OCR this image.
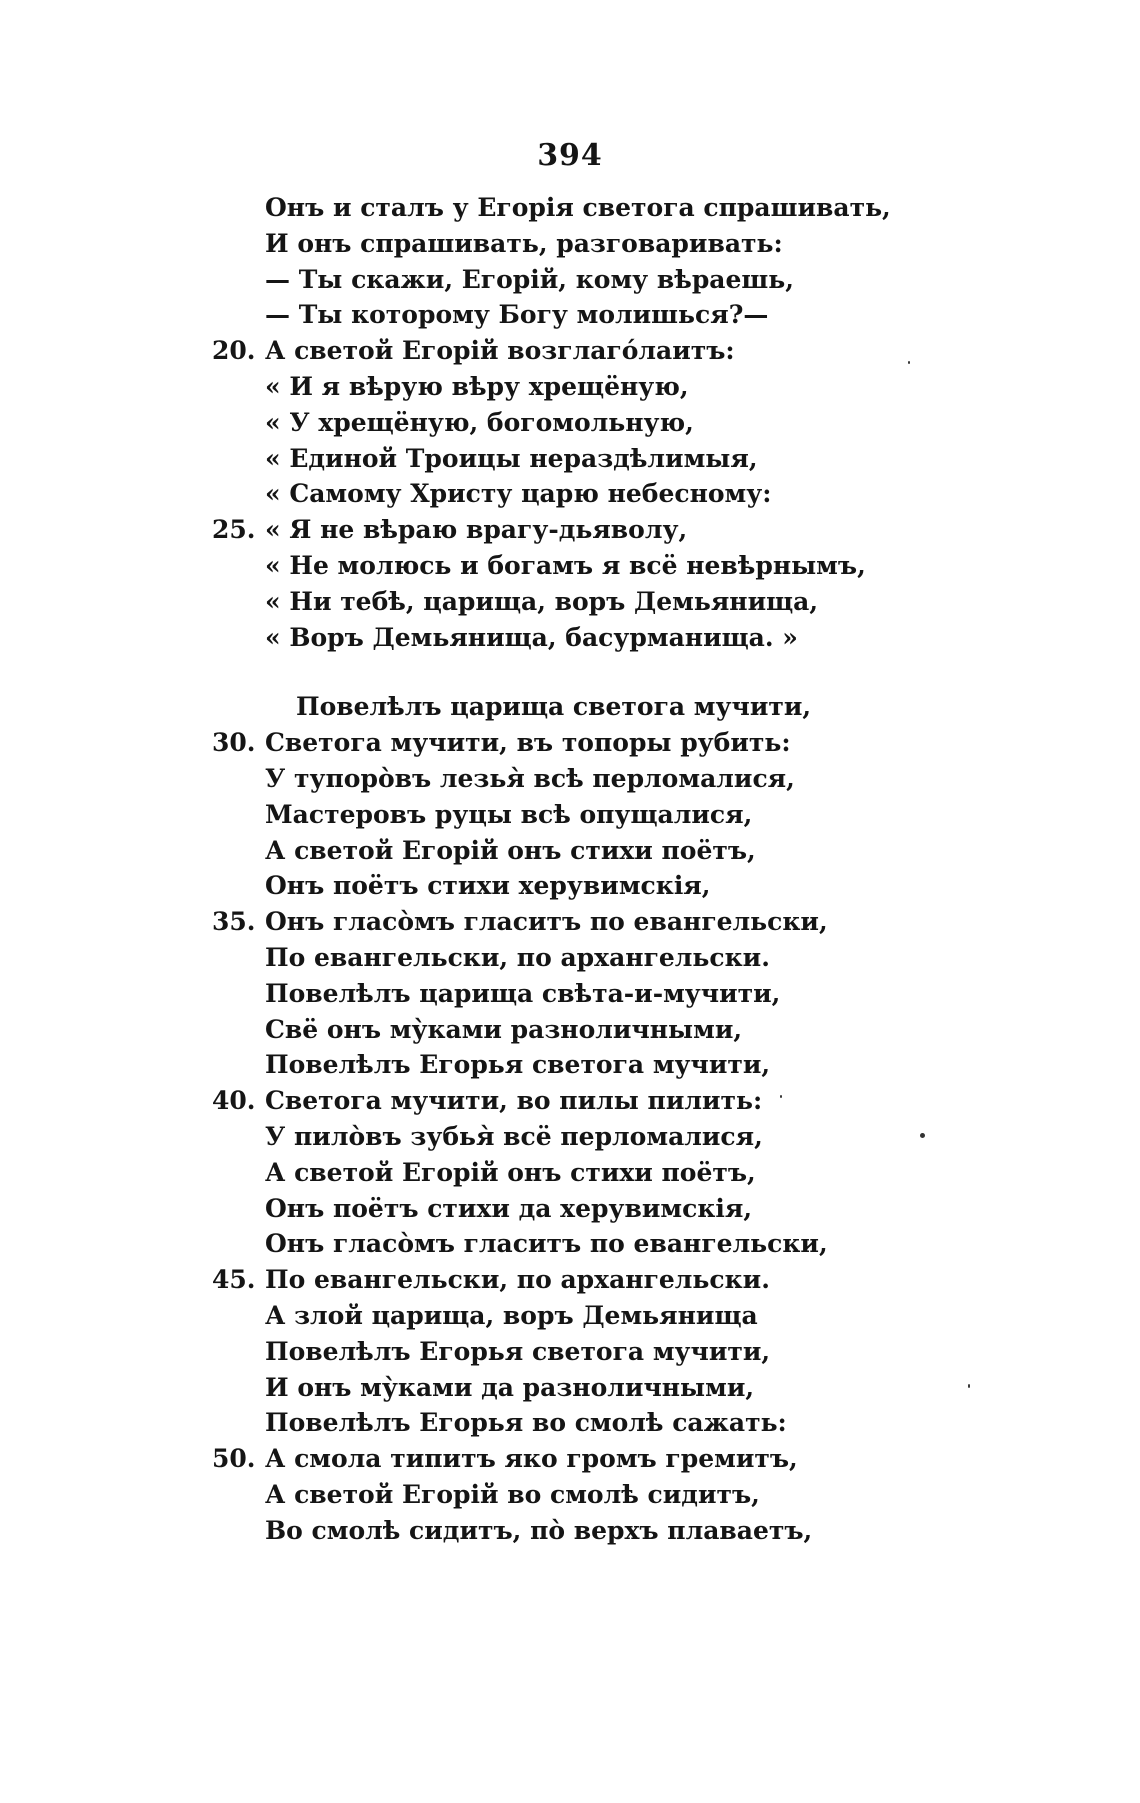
394
Онъ и сталъ у Егорія светога спрашивать,
И онъ спрашивать, разговаривать:
— Ты скажи, Егорій, кому вѣраешь,
— Ты которому Богу молишься?—
20. А светой Егорій возглагóлаитъ:
« И я вѣрую вѣру хрещёную,
« У хрещёную, богомольную,
« Единой Троицы нераздѣлимыя,
« Самому Христу царю небесному:
25. « Я не вѣраю врагу-дьяволу,
« Не молюсь и богамъ я всё невѣрнымъ,
« Ни тебѣ, царища, воръ Демьянища,
« Воръ Демьянища, басурманища. »
Повелѣлъ царища светога мучити,
30. Светога мучити, въ топоры рубить:
У тупоро̀въ лезья̀ всѣ перломалися,
Мастеровъ руцы всѣ опущалися,
А светой Егорій онъ стихи поётъ,
Онъ поётъ стихи херувимскія,
35. Онъ гласо̀мъ гласитъ по евангельски,
По евангельски, по архангельски.
Повелѣлъ царища свѣта-и-мучити,
Свё онъ му̀ками разноличными,
Повелѣлъ Егорья светога мучити,
40. Светога мучити, во пилы пилить:
У пило̀въ зубья̀ всё перломалися,
А светой Егорій онъ стихи поётъ,
Онъ поётъ стихи да херувимскія,
Онъ гласо̀мъ гласитъ по евангельски,
45. По евангельски, по архангельски.
А злой царища, воръ Демьянища
Повелѣлъ Егорья светога мучити,
И онъ му̀ками да разноличными,
Повелѣлъ Егорья во смолѣ сажать:
50. А смола типитъ яко громъ гремитъ,
А светой Егорій во смолѣ сидитъ,
Во смолѣ сидитъ, по̀ верхъ плаваетъ,
